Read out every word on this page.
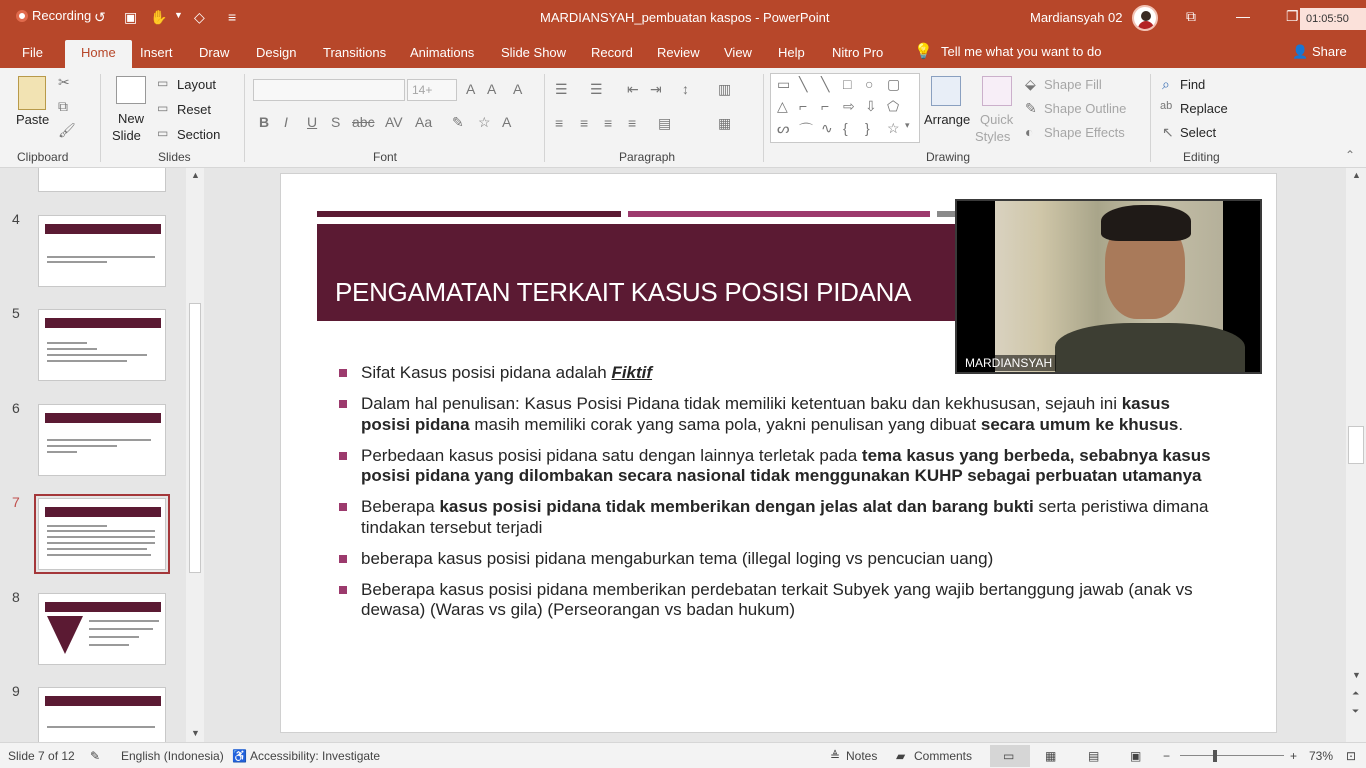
Recording ↺ ▣ ✋ ▼ ◇ ≡	MARDIANSYAH_pembuatan kaspos - PowerPoint	Mardiansyah 02	⧉	—	❐ 01:05:50
File	Home	Insert Draw Design Transitions Animations Slide Show Record Review View Help Nitro Pro 💡 Tell me what you want to do	👤 Share
Paste
✂
⧉
🖌
Clipboard
New
Slide
▭ Layout
▭ Reset
▭ Section
Slides
14+	A A A
B I U S abc AV Aa ✎ ☆ A
Font
☰ ☰ ⇤ ⇥ ↕ ▥
≡ ≡ ≡ ≡ ▤	▦
Paragraph
▭ ╲ ╲ □ ○ ▢
△ ⌐ ⌐ ⇨ ⇩ ⬠
ᔕ ⌒ ∿ { } ☆ ▾ Arrange Quick
Styles
⬙ Shape Fill
✎ Shape Outline
◐ Shape Effects
Drawing
⌕ Find
ab Replace
↖ Select
Editing	⌃
4
5
6
7
8
9
▲
▼
PENGAMATAN TERKAIT KASUS POSISI PIDANA
Sifat Kasus posisi pidana adalah Fiktif
Dalam hal penulisan: Kasus Posisi Pidana tidak memiliki ketentuan baku dan kekhususan, sejauh ini kasus posisi pidana masih memiliki corak yang sama pola, yakni penulisan yang dibuat secara umum ke khusus.
Perbedaan kasus posisi pidana satu dengan lainnya terletak pada tema kasus yang berbeda, sebabnya kasus posisi pidana yang dilombakan secara nasional tidak menggunakan KUHP sebagai perbuatan utamanya
Beberapa kasus posisi pidana tidak memberikan dengan jelas alat dan barang bukti serta peristiwa dimana tindakan tersebut terjadi
beberapa kasus posisi pidana mengaburkan tema (illegal loging vs pencucian uang)
Beberapa kasus posisi pidana memberikan perdebatan terkait Subyek yang wajib bertanggung jawab (anak vs dewasa) (Waras vs gila) (Perseorangan vs badan hukum)
MARDIANSYAH
▲
▼
⏶
⏷
Slide 7 of 12 ✎ English (Indonesia) ♿ Accessibility: Investigate	≜ Notes ▰ Comments	▭	▦	▤	▣ −	+ 73% ⊡
